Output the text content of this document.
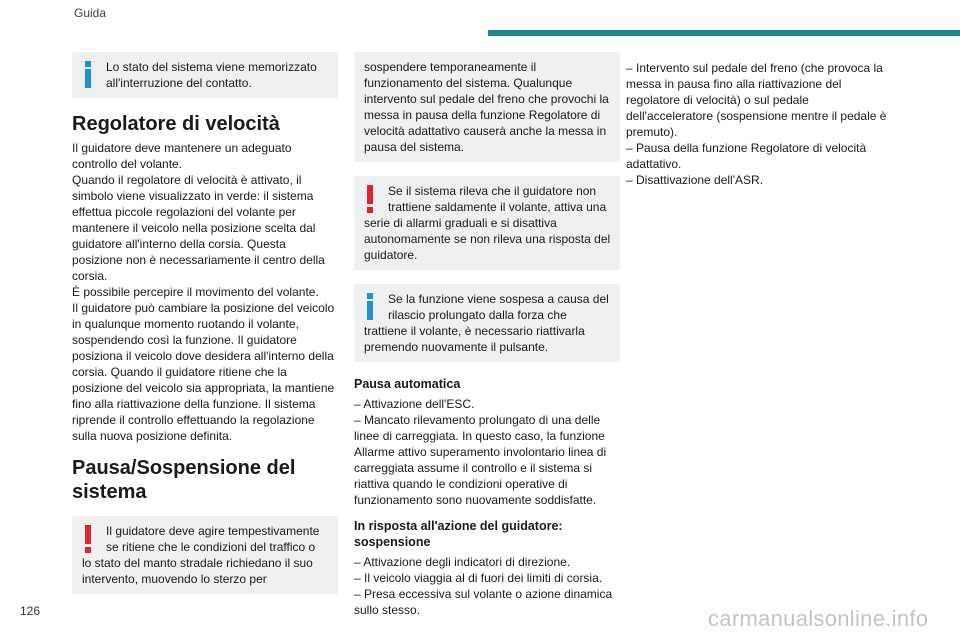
Guida
Lo stato del sistema viene memorizzato all'interruzione del contatto.
Regolatore di velocità
Il guidatore deve mantenere un adeguato controllo del volante.
Quando il regolatore di velocità è attivato, il simbolo viene visualizzato in verde: il sistema effettua piccole regolazioni del volante per mantenere il veicolo nella posizione scelta dal guidatore all'interno della corsia. Questa posizione non è necessariamente il centro della corsia.
È possibile percepire il movimento del volante.
Il guidatore può cambiare la posizione del veicolo in qualunque momento ruotando il volante, sospendendo così la funzione. Il guidatore posiziona il veicolo dove desidera all'interno della corsia. Quando il guidatore ritiene che la posizione del veicolo sia appropriata, la mantiene fino alla riattivazione della funzione. Il sistema riprende il controllo effettuando la regolazione sulla nuova posizione definita.
Pausa/Sospensione del sistema
Il guidatore deve agire tempestivamente se ritiene che le condizioni del traffico o
lo stato del manto stradale richiedano il suo intervento, muovendo lo sterzo per
sospendere temporaneamente il funzionamento del sistema. Qualunque intervento sul pedale del freno che provochi la messa in pausa della funzione Regolatore di velocità adattativo causerà anche la messa in pausa del sistema.
Se il sistema rileva che il guidatore non trattiene saldamente il volante, attiva una
serie di allarmi graduali e si disattiva autonomamente se non rileva una risposta del guidatore.
Se la funzione viene sospesa a causa del rilascio prolungato dalla forza che
trattiene il volante, è necessario riattivarla premendo nuovamente il pulsante.
Pausa automatica
– Attivazione dell'ESC.
– Mancato rilevamento prolungato di una delle linee di carreggiata. In questo caso, la funzione Allarme attivo superamento involontario linea di carreggiata assume il controllo e il sistema si riattiva quando le condizioni operative di funzionamento sono nuovamente soddisfatte.
In risposta all'azione del guidatore: sospensione
– Attivazione degli indicatori di direzione.
– Il veicolo viaggia al di fuori dei limiti di corsia.
– Presa eccessiva sul volante o azione dinamica sullo stesso.
– Intervento sul pedale del freno (che provoca la messa in pausa fino alla riattivazione del regolatore di velocità) o sul pedale dell'acceleratore (sospensione mentre il pedale è premuto).
– Pausa della funzione Regolatore di velocità adattativo.
– Disattivazione dell'ASR.
126	carmanualsonline.info
